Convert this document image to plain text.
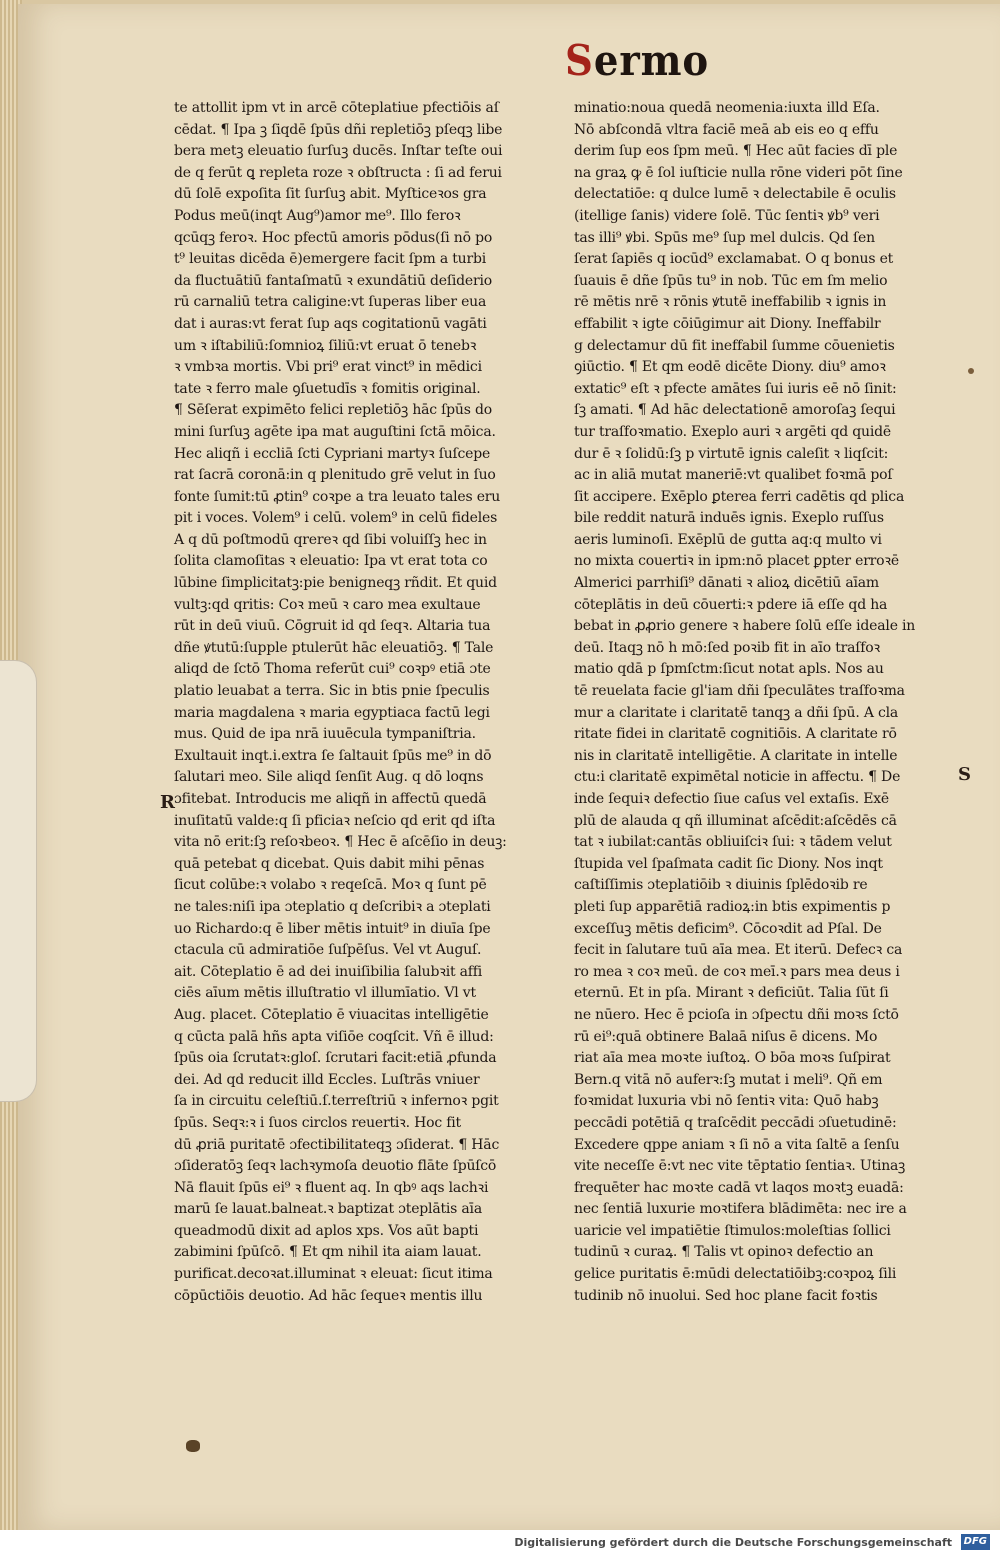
Sermo
te attollit ipm vt in arcē cōteplatiue pfectiōis aſ
cēdat. ¶ Ipa ꝫ ſiqdē ſpūs dñi repletiōꝫ pſeqꝫ libe
bera metꝫ eleuatio ſurſuꝫ ducēs. Inſtar teſte oui
de q ferūt ꝗ repleta roze ꝛ obſtructa : ſi ad ferui
dū ſolē expoſita ſit ſurſuꝫ abit. Myſticeꝛos gra
Podus meū(inqt Aug⁹)amor me⁹. Illo feroꝛ
qcūqꝫ feroꝛ. Hoc pfectū amoris pōdus(ſi nō po
t⁹ leuitas dicēda ē)emergere facit ſpm a turbi
da fluctuātiū fantaſmatū ꝛ exundātiū deſiderio
rū carnaliū tetra caligine:vt ſuperas liber eua
dat i auras:vt ferat ſup aqs cogitationū vagāti
um ꝛ iſtabiliū:ſomnioꝝ ſiliū:vt eruat ō tenebꝛ
ꝛ vmbꝛa mortis. Vbi pri⁹ erat vinct⁹ in mēdici
tate ꝛ ferro male ꝯſuetudīs ꝛ fomitis original.
¶ Sēſerat expimēto felici repletiōꝫ hāc ſpūs do
mini ſurſuꝫ agēte ipa mat auguſtini ſctā mōica.
Hec aliqñ i eccliā ſcti Cypriani martyꝛ ſuſcepe
rat ſacrā coronā:in q plenitudo grē velut in ſuo
fonte ſumit:tū ꝓtin⁹ coꝛpe a tra leuato tales eru
pit i voces. Volem⁹ i celū. volem⁹ in celū fideles
A q dū poſtmodū qrereꝛ qd ſibi voluiſſꝫ hec in
ſolita clamoſitas ꝛ eleuatio: Ipa vt erat tota co
lūbine ſimplicitatꝫ:pie benigneqꝫ rñdit. Et quid
vultꝫ:qd qritis: Coꝛ meū ꝛ caro mea exultaue
rūt in deū viuū. Cōgruit id qd ſeqꝛ. Altaria tua
dñe ꝟtutū:ſupple ptulerūt hāc eleuatiōꝫ. ¶ Tale
aliqd de ſctō Thoma referūt cui⁹ coꝛpꝰ etiā ɔte
platio leuabat a terra. Sic in btis pnie ſpeculis
maria magdalena ꝛ maria egyptiaca factū legi
mus. Quid de ipa nrā iuuēcula tympaniſtria.
Exultauit inqt.i.extra ſe ſaltauit ſpūs me⁹ in dō
ſalutari meo. Sile aliqd ſenſit Aug. q dō loqns
ɔfitebat. Introducis me aliqñ in affectū quedā
inuſitatū valde:q ſi pficiaꝛ neſcio qd erit qd iſta
vita nō erit:ſꝫ reſoꝛbeoꝛ. ¶ Hec ē aſcēſio in deuꝫ:
quā petebat q dicebat. Quis dabit mihi pēnas
ſicut colūbe:ꝛ volabo ꝛ reqeſcā. Moꝛ q ſunt pē
ne tales:niſi ipa ɔteplatio q deſcribiꝛ a ɔteplati
uo Richardo:q ē liber mētis intuit⁹ in diuīa ſpe
ctacula cū admiratiōe ſuſpēſus. Vel vt Auguſ.
ait. Cōteplatio ē ad dei inuiſibilia ſalubꝛit affi
ciēs aīum mētis illuſtratio vl illumīatio. Vl vt
Aug. placet. Cōteplatio ē viuacitas intelligētie
q cūcta palā hñs apta viſiōe coqſcit. Vñ ē illud:
ſpūs oia ſcrutatꝛ:gloſ. ſcrutari facit:etiā ꝓfunda
dei. Ad qd reducit illd Eccles. Luſtrās vniuer
ſa in circuitu celeſtiū.ſ.terreſtriū ꝛ infernoꝛ pgit
ſpūs. Seqꝛ:ꝛ i ſuos circlos reuertiꝛ. Hoc fit
dū ꝓriā puritatē ɔfectibilitateqꝫ ɔſiderat. ¶ Hāc
ɔſideratōꝫ ſeqꝛ lachꝛymoſa deuotio flāte ſpūſcō
Nā flauit ſpūs ei⁹ ꝛ fluent aq. In qbꝰ aqs lachꝛi
marū ſe lauat.balneat.ꝛ baptizat ɔteplātis aīa
queadmodū dixit ad aplos xps. Vos aūt bapti
zabimini ſpūſcō. ¶ Et qm nihil ita aiam lauat.
purificat.decoꝛat.illuminat ꝛ eleuat: ſicut itima
cōpūctiōis deuotio. Ad hāc ſequeꝛ mentis illu
minatio:noua quedā neomenia:iuxta illd Eſa.
Nō abſcondā vltra faciē meā ab eis eo q effu
derim ſup eos ſpm meū. ¶ Hec aūt facies dī ple
na graꝝ ꝙ ē ſol iuſticie nulla rōne videri pōt ſine
delectatiōe: q dulce lumē ꝛ delectabile ē oculis
(itellige ſanis) videre ſolē. Tūc ſentiꝛ ꝟb⁹ veri
tas illi⁹ ꝟbi. Spūs me⁹ ſup mel dulcis. Qd ſen
ſerat ſapiēs q iocūd⁹ exclamabat. O q bonus et
ſuauis ē dñe ſpūs tu⁹ in nob. Tūc em ſm melio
rē mētis nrē ꝛ rōnis ꝟtutē ineffabilib ꝛ ignis in
effabilit ꝛ igte cōiūgimur ait Diony. Ineffabilr
g delectamur dū fit ineffabil ſumme cōuenietis
ꝯiūctio. ¶ Et qm eodē dicēte Diony. diu⁹ amoꝛ
extatic⁹ eſt ꝛ pfecte amātes ſui iuris eē nō ſinit:
ſꝫ amati. ¶ Ad hāc delectationē amoroſaꝫ ſequi
tur traſfoꝛmatio. Exeplo auri ꝛ argēti qd quidē
dur ē ꝛ ſolidū:ſꝫ p virtutē ignis caleſit ꝛ liqſcit:
ac in aliā mutat maneriē:vt qualibet foꝛmā poſ
ſit accipere. Exēplo ꝑterea ferri cadētis qd plica
bile reddit naturā induēs ignis. Exeplo ruſſus
aeris luminoſi. Exēplū de gutta aq:q multo vi
no mixta couertiꝛ in ipm:nō placet ꝑpter erroꝛē
Almerici parrhiſi⁹ dānati ꝛ alioꝝ dicētiū aīam
cōteplātis in deū cōuerti:ꝛ pdere iā eſſe qd ha
bebat in ꝓꝓrio genere ꝛ habere ſolū eſſe ideale in
deū. Itaqꝫ nō h mō:ſed poꝛib fit in aīo traſfoꝛ
matio qdā p ſpmſctm:ſicut notat apls. Nos au
tē reuelata facie gl'iam dñi ſpeculātes traſfoꝛma
mur a claritate i claritatē tanqꝫ a dñi ſpū. A cla
ritate fidei in claritatē cognitiōis. A claritate rō
nis in claritatē intelligētie. A claritate in intelle
ctu:i claritatē expimētal noticie in affectu. ¶ De
inde ſequiꝛ defectio ſiue caſus vel extaſis. Exē
plū de alauda q qñ illuminat aſcēdit:aſcēdēs cā
tat ꝛ iubilat:cantās obliuiſciꝛ ſui: ꝛ tādem velut
ſtupida vel ſpaſmata cadit ſic Diony. Nos inqt
caſtiſſimis ɔteplatiōib ꝛ diuinis ſplēdoꝛib re
pleti ſup apparētiā radioꝝ:in btis expimentis p
exceſſuꝫ mētis deficim⁹. Cōcoꝛdit ad Pſal. De
fecit in ſalutare tuū aīa mea. Et iterū. Defecꝛ ca
ro mea ꝛ coꝛ meū. de coꝛ meī.ꝛ pars mea deus i
eternū. Et in pſa. Mirant ꝛ deficiūt. Talia ſūt ſi
ne nūero. Hec ē pcioſa in ɔſpectu dñi moꝛs ſctō
rū ei⁹:quā obtinere Balaā niſus ē dicens. Mo
riat aīa mea moꝛte iuſtoꝝ. O bōa moꝛs ſuſpirat
Bern.q vitā nō auferꝛ:ſꝫ mutat i meli⁹. Qñ em
foꝛmidat luxuria vbi nō ſentiꝛ vita: Quō habꝫ
peccādi potētiā q traſcēdit peccādi ɔſuetudinē:
Excedere qppe aniam ꝛ ſi nō a vita ſaltē a ſenſu
vite neceſſe ē:vt nec vite tēptatio ſentiaꝛ. Utinaꝫ
frequēter hac moꝛte cadā vt laqos moꝛtꝫ euadā:
nec ſentiā luxurie moꝛtifera blādimēta: nec ire a
uaricie vel impatiētie ſtimulos:moleſtias ſollici
tudinū ꝛ curaꝝ. ¶ Talis vt opinoꝛ defectio an
gelice puritatis ē:mūdi delectatiōibꝫ:coꝛpoꝝ ſili
tudinib nō inuolui. Sed hoc plane facit foꝛtis
R
S
Digitalisierung gefördert durch die Deutsche Forschungsgemeinschaft	DFG
